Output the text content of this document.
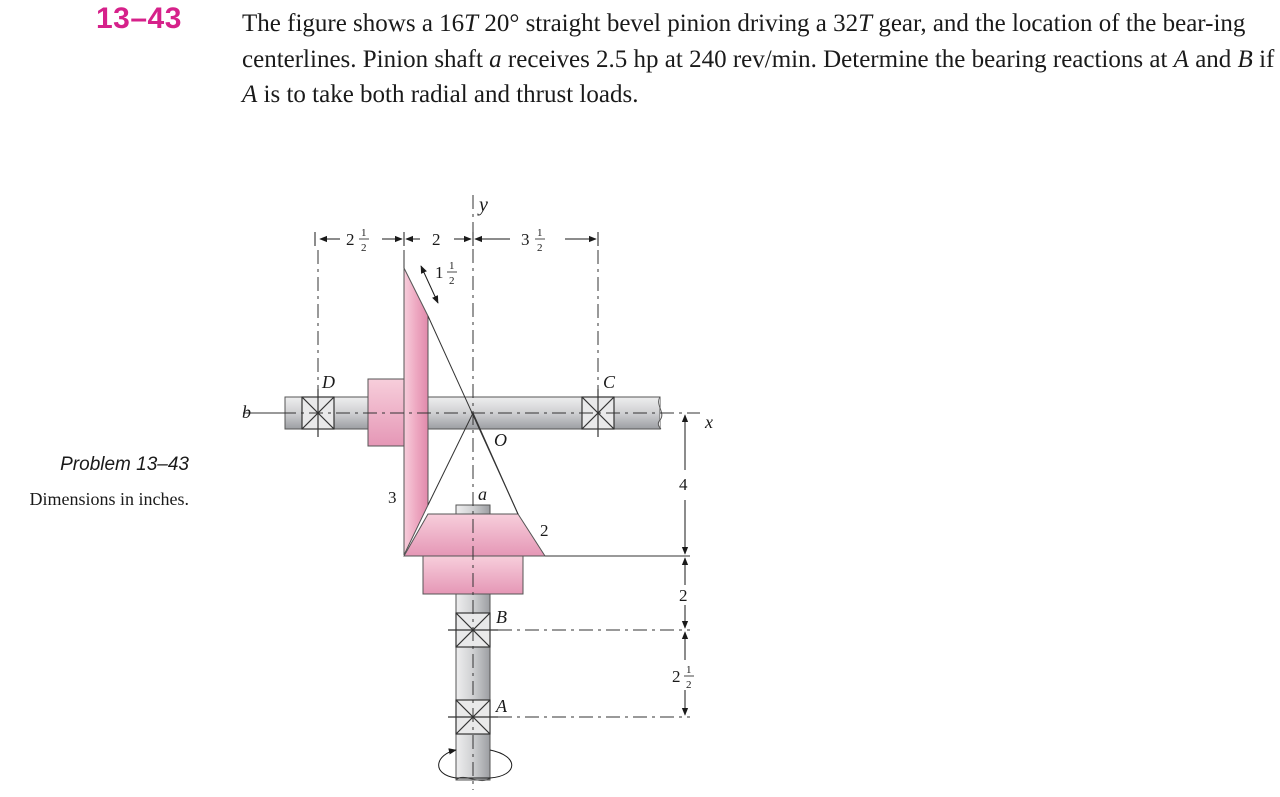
13–43 The figure shows a 16T 20° straight bevel pinion driving a 32T gear, and the location of the bear-ing centerlines. Pinion shaft a receives 2.5 hp at 240 rev/min. Determine the bearing reactions at A and B if A is to take both radial and thrust loads.

Problem 13–43
Dimensions in inches.
y
x
b
D	C
O
a
B
A
3
2
2 1
2	2	3 1
2
1 1
2
4
2
2 1
2
